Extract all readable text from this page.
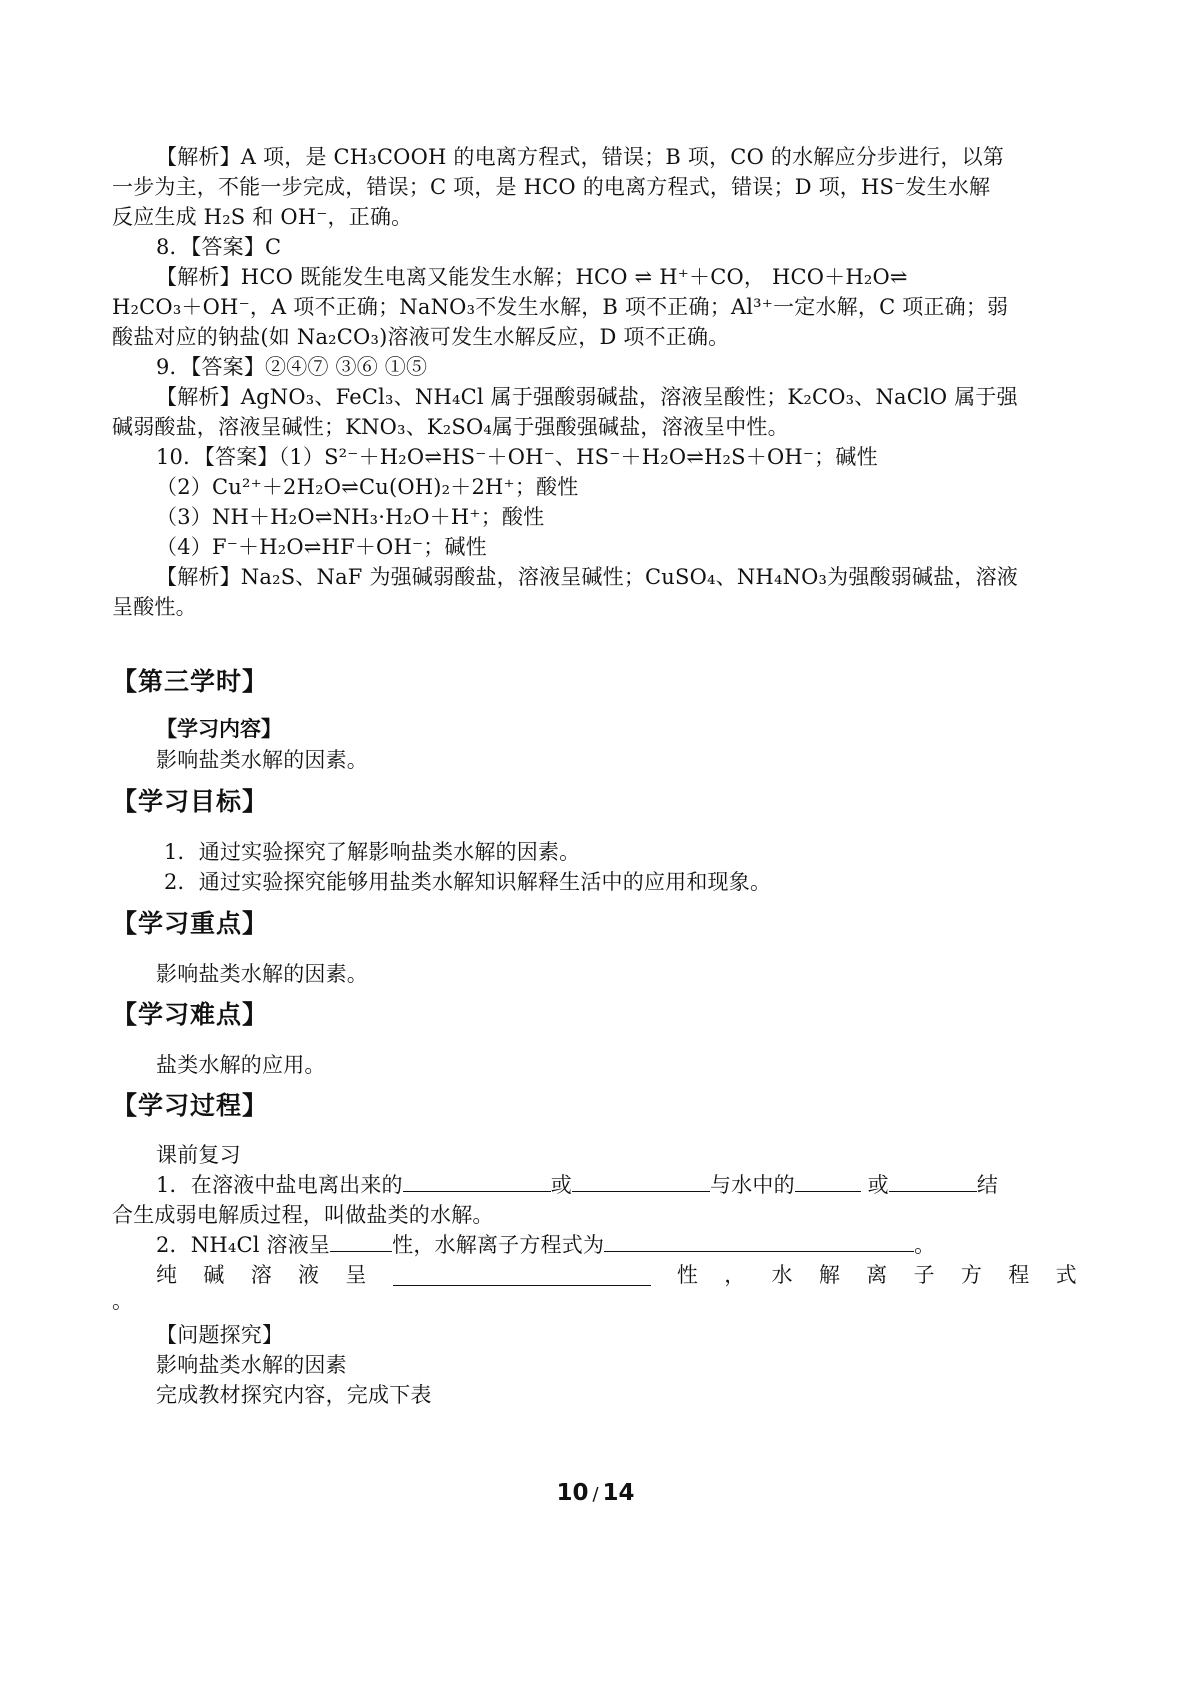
【解析】A 项，是 CH₃COOH 的电离方程式，错误；B 项，CO 的水解应分步进行，以第
一步为主，不能一步完成，错误；C 项，是 HCO 的电离方程式，错误；D 项，HS⁻发生水解
反应生成 H₂S 和 OH⁻，正确。
8．【答案】C
【解析】HCO 既能发生电离又能发生水解；HCO ⇌ H⁺＋CO， HCO＋H₂O⇌
H₂CO₃＋OH⁻，A 项不正确；NaNO₃不发生水解，B 项不正确；Al³⁺一定水解，C 项正确；弱
酸盐对应的钠盐(如 Na₂CO₃)溶液可发生水解反应，D 项不正确。
9．【答案】②④⑦ ③⑥ ①⑤
【解析】AgNO₃、FeCl₃、NH₄Cl 属于强酸弱碱盐，溶液呈酸性；K₂CO₃、NaClO 属于强
碱弱酸盐，溶液呈碱性；KNO₃、K₂SO₄属于强酸强碱盐，溶液呈中性。
10．【答案】（1）S²⁻＋H₂O⇌HS⁻＋OH⁻、HS⁻＋H₂O⇌H₂S＋OH⁻；碱性
（2）Cu²⁺＋2H₂O⇌Cu(OH)₂＋2H⁺；酸性
（3）NH＋H₂O⇌NH₃·H₂O＋H⁺；酸性
（4）F⁻＋H₂O⇌HF＋OH⁻；碱性
【解析】Na₂S、NaF 为强碱弱酸盐，溶液呈碱性；CuSO₄、NH₄NO₃为强酸弱碱盐，溶液
呈酸性。
【第三学时】
【学习内容】
影响盐类水解的因素。
【学习目标】
1．通过实验探究了解影响盐类水解的因素。
2．通过实验探究能够用盐类水解知识解释生活中的应用和现象。
【学习重点】
影响盐类水解的因素。
【学习难点】
盐类水解的应用。
【学习过程】
课前复习
1．在溶液中盐电离出来的	或	与水中的	或	结
合生成弱电解质过程，叫做盐类的水解。
2．NH₄Cl 溶液呈	性，水解离子方程式为	。
纯 碱 溶 液 呈	性 ， 水 解 离 子 方 程 式
。
【问题探究】
影响盐类水解的因素
完成教材探究内容，完成下表
10 / 14
